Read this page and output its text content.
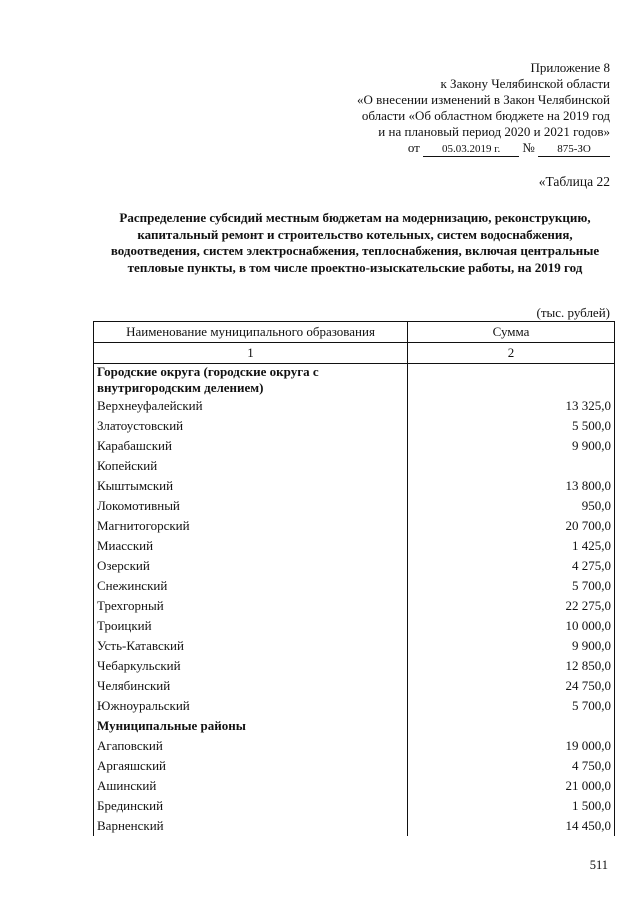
Приложение 8
к Закону Челябинской области
«О внесении изменений в Закон Челябинской
области «Об областном бюджете на 2019 год
и на плановый период 2020 и 2021 годов»
от 05.03.2019 г. № 875-ЗО
«Таблица 22
Распределение субсидий местным бюджетам на модернизацию, реконструкцию, капитальный ремонт и строительство котельных, систем водоснабжения, водоотведения, систем электроснабжения, теплоснабжения, включая центральные тепловые пункты, в том числе проектно-изыскательские работы, на 2019 год
(тыс. рублей)
Наименование муниципального образования	Сумма
1	2
Городские округа (городские округа с внутригородским делением)	
Верхнеуфалейский	13 325,0
Златоустовский	5 500,0
Карабашский	9 900,0
Копейский	
Кыштымский	13 800,0
Локомотивный	950,0
Магнитогорский	20 700,0
Миасский	1 425,0
Озерский	4 275,0
Снежинский	5 700,0
Трехгорный	22 275,0
Троицкий	10 000,0
Усть-Катавский	9 900,0
Чебаркульский	12 850,0
Челябинский	24 750,0
Южноуральский	5 700,0
Муниципальные районы	
Агаповский	19 000,0
Аргаяшский	4 750,0
Ашинский	21 000,0
Брединский	1 500,0
Варненский	14 450,0
511
